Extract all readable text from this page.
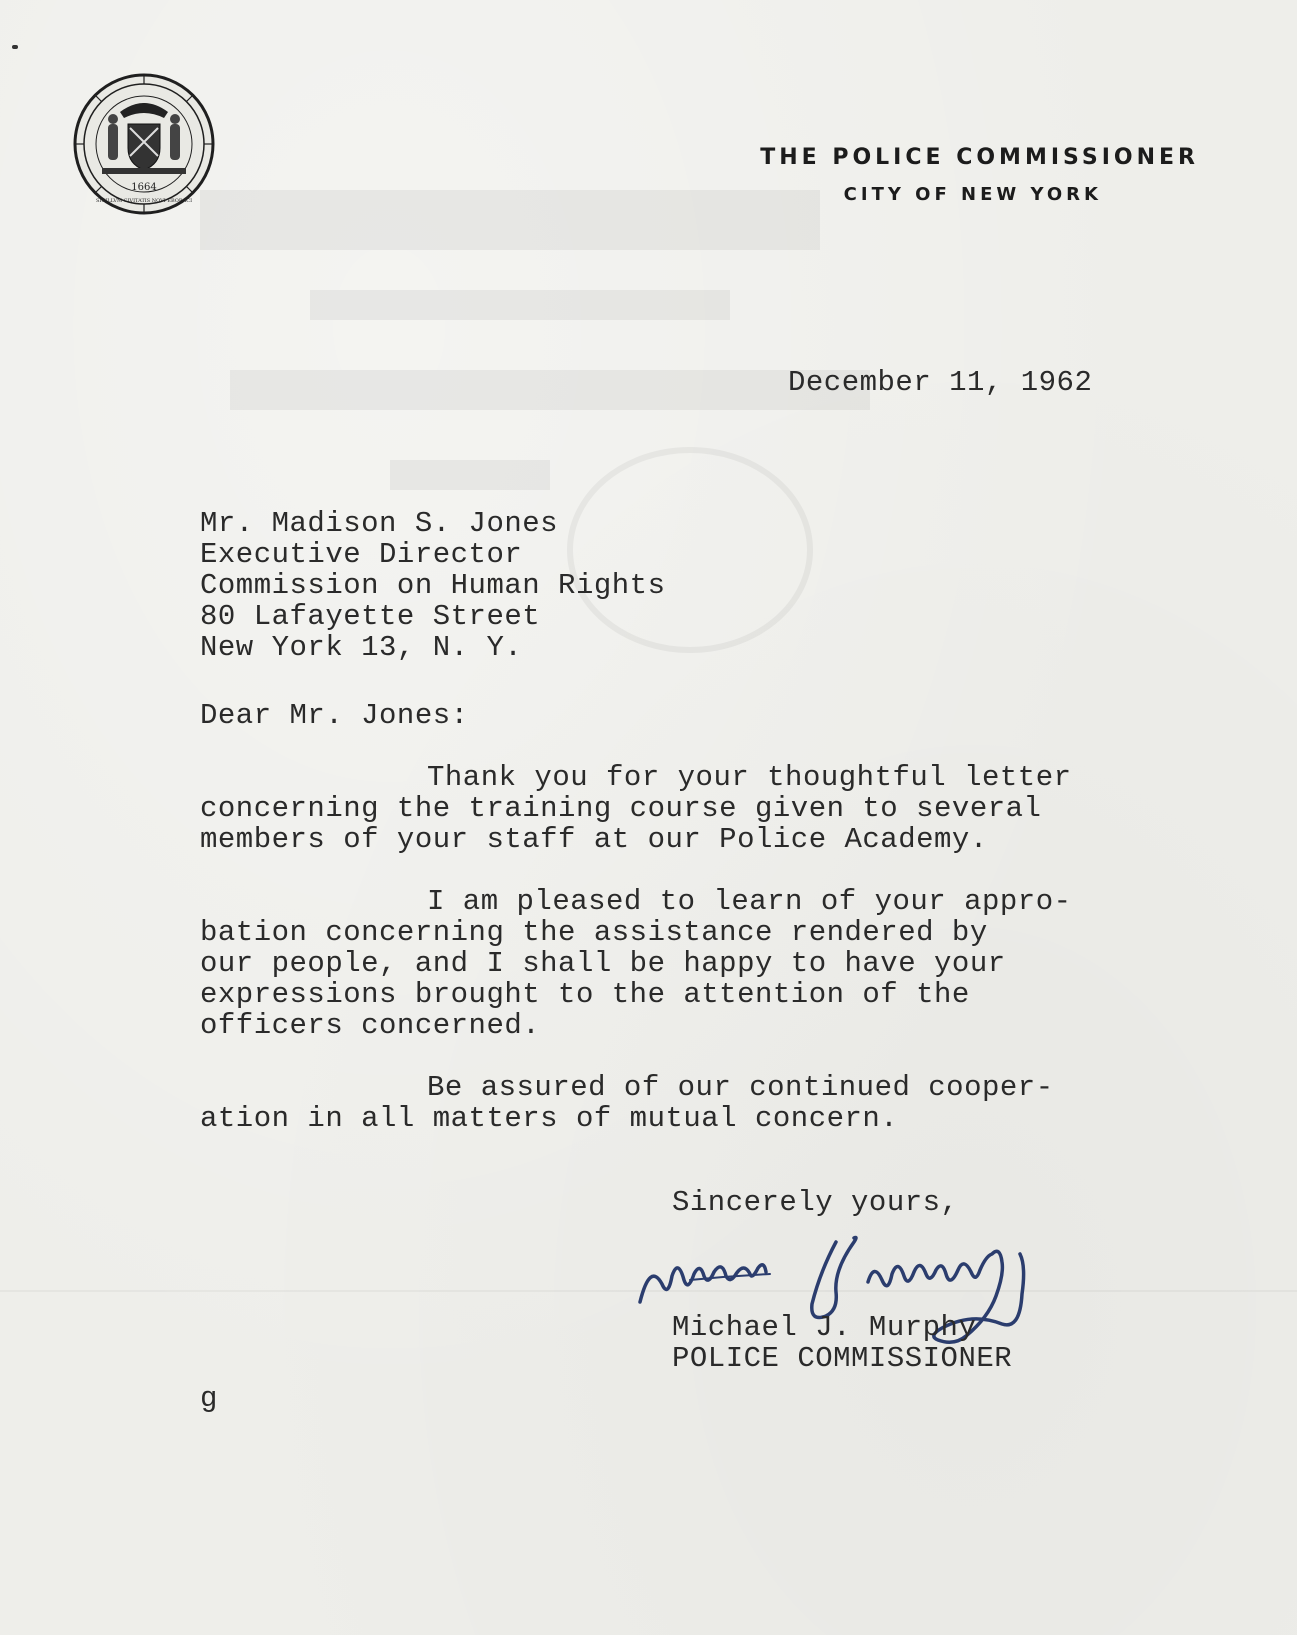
1664
SIGILLVM CIVITATIS NOVI EBORACI
THE POLICE COMMISSIONER
CITY OF NEW YORK
December 11, 1962
Mr. Madison S. Jones
Executive Director
Commission on Human Rights
80 Lafayette Street
New York 13, N. Y.
Dear Mr. Jones:
Thank you for your thoughtful letter
concerning the training course given to several
members of your staff at our Police Academy.
I am pleased to learn of your appro-
bation concerning the assistance rendered by
our people, and I shall be happy to have your
expressions brought to the attention of the
officers concerned.
Be assured of our continued cooper-
ation in all matters of mutual concern.
Sincerely yours,
Michael J. Murphy
POLICE COMMISSIONER
g
